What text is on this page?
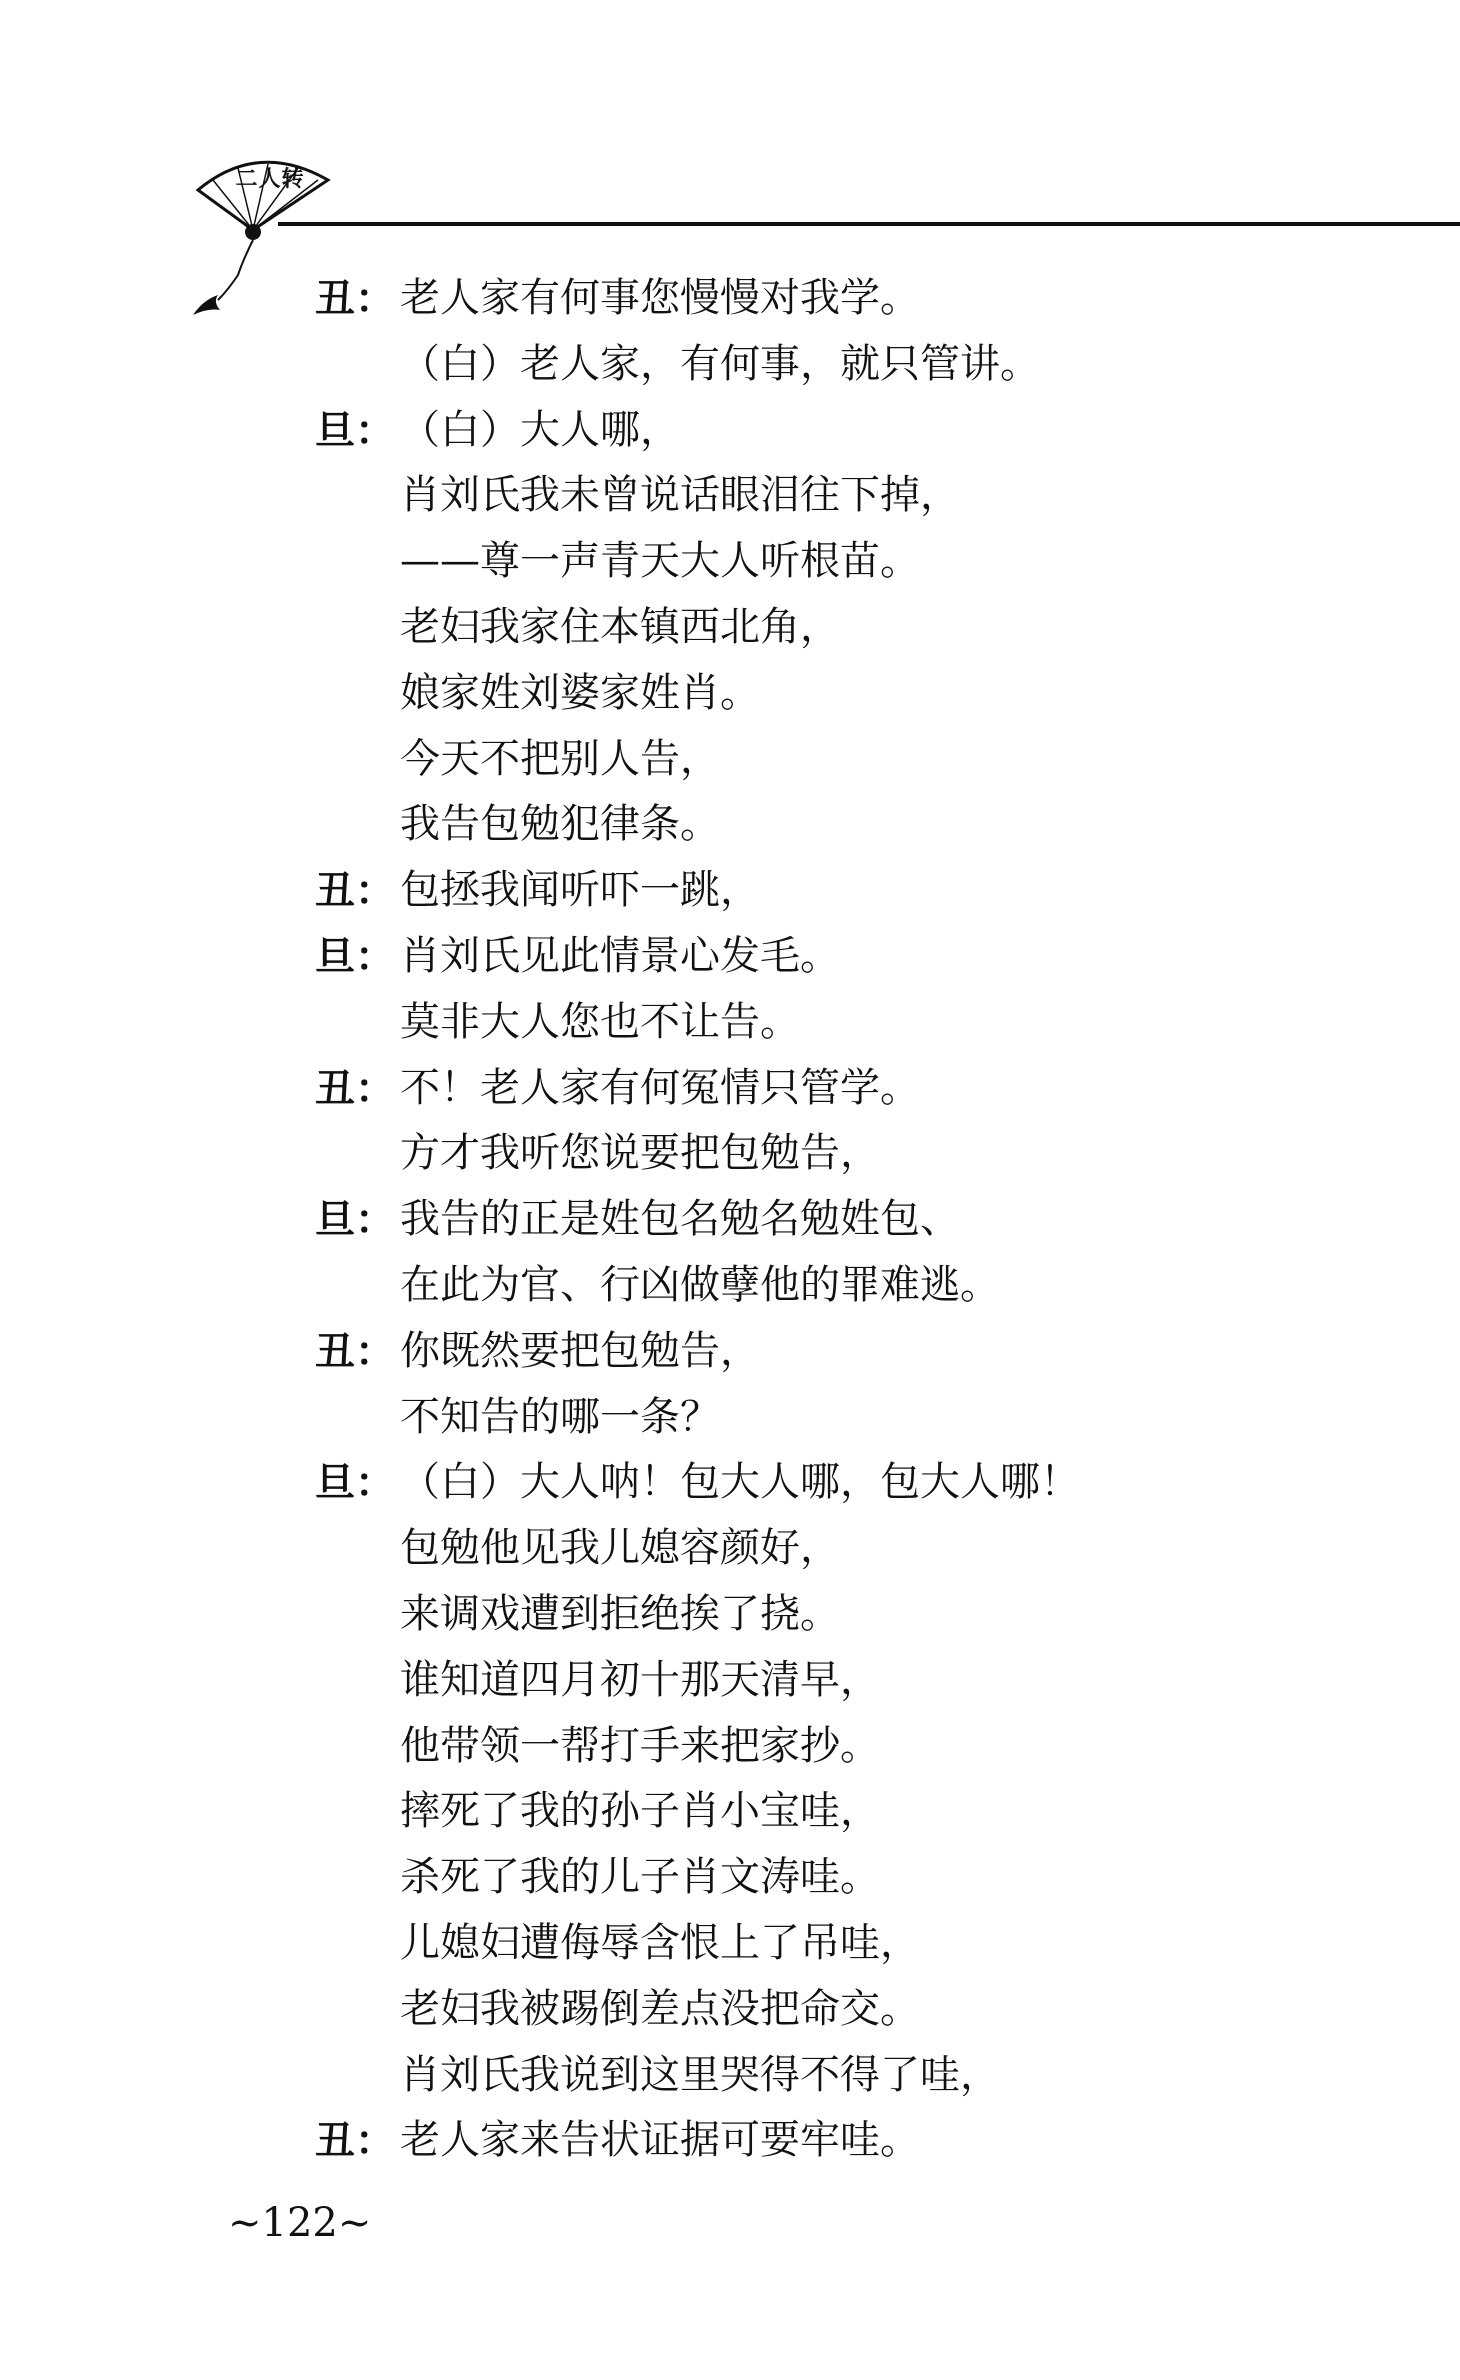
二人转
丑： 老人家有何事您慢慢对我学。
（白）老人家，有何事，就只管讲。
旦： （白）大人哪，
肖刘氏我未曾说话眼泪往下掉，
——尊一声青天大人听根苗。
老妇我家住本镇西北角，
娘家姓刘婆家姓肖。
今天不把别人告，
我告包勉犯律条。
丑： 包拯我闻听吓一跳，
旦： 肖刘氏见此情景心发毛。
莫非大人您也不让告。
丑： 不！老人家有何冤情只管学。
方才我听您说要把包勉告，
旦： 我告的正是姓包名勉名勉姓包、
在此为官、行凶做孽他的罪难逃。
丑： 你既然要把包勉告，
不知告的哪一条？
旦： （白）大人呐！包大人哪，包大人哪！
包勉他见我儿媳容颜好，
来调戏遭到拒绝挨了挠。
谁知道四月初十那天清早，
他带领一帮打手来把家抄。
摔死了我的孙子肖小宝哇，
杀死了我的儿子肖文涛哇。
儿媳妇遭侮辱含恨上了吊哇，
老妇我被踢倒差点没把命交。
肖刘氏我说到这里哭得不得了哇，
丑： 老人家来告状证据可要牢哇。
~122~
